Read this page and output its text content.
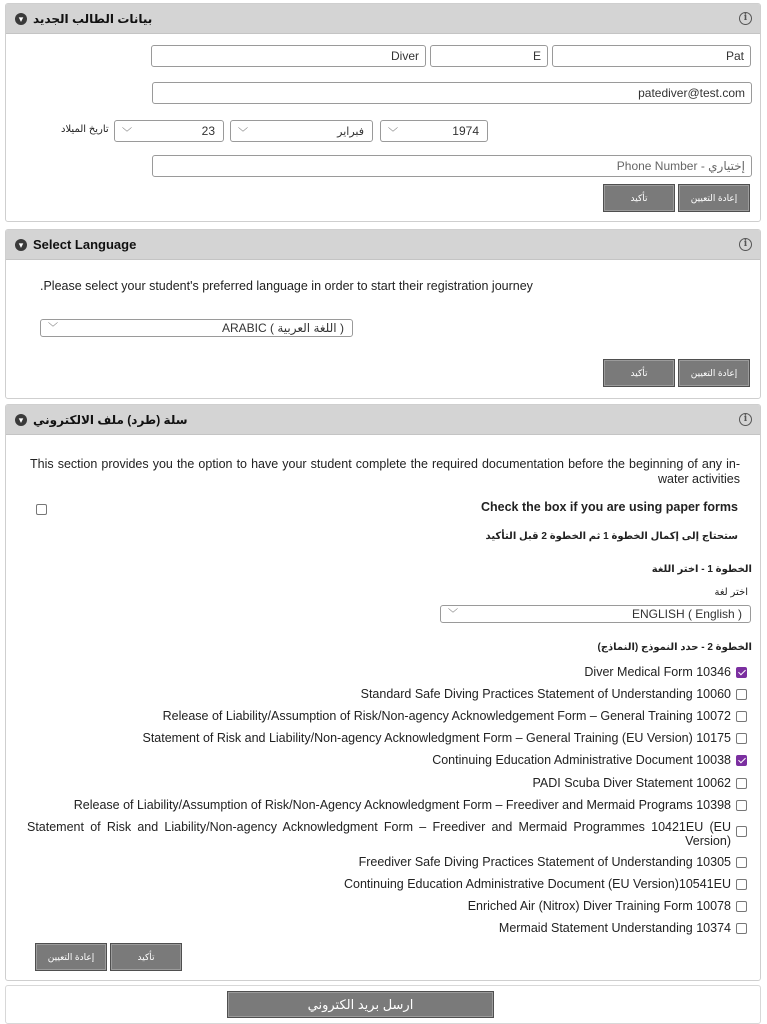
▾ بيانات الطالب الجديد	i
Pat
E
Diver
patediver@test.com
تاريخ الميلاد	﹀	1974
﹀	فبراير
﹀	23
Phone Number - إختياري
إعادة التعيين
تأكيد
▾ Select Language	i
.Please select your student's preferred language in order to start their registration journey
﹀	ARABIC ( اللغة العربية )
إعادة التعيين
تأكيد
▾ سلة (طرد) ملف الالكتروني	i
This section provides you the option to have your student complete the required documentation before the beginning of any in-water activities
Check the box if you are using paper forms
ستحتاج إلى إكمال الخطوة 1 ثم الخطوة 2 قبل التأكيد
الخطوة 1 - اختر اللغة
اختر لغة
﹀	ENGLISH ( English )
الخطوة 2 - حدد النموذج (النماذج)
Diver Medical Form 10346
Standard Safe Diving Practices Statement of Understanding 10060
Release of Liability/Assumption of Risk/Non-agency Acknowledgement Form – General Training 10072
Statement of Risk and Liability/Non-agency Acknowledgment Form – General Training (EU Version) 10175
Continuing Education Administrative Document 10038
PADI Scuba Diver Statement 10062
Release of Liability/Assumption of Risk/Non-Agency Acknowledgment Form – Freediver and Mermaid Programs 10398
Statement of Risk and Liability/Non-agency Acknowledgment Form – Freediver and Mermaid Programmes 10421EU (EU Version)
Freediver Safe Diving Practices Statement of Understanding 10305
Continuing Education Administrative Document (EU Version)10541EU
Enriched Air (Nitrox) Diver Training Form 10078
Mermaid Statement Understanding 10374
إعادة التعيين	تأكيد
ارسل بريد الكتروني
